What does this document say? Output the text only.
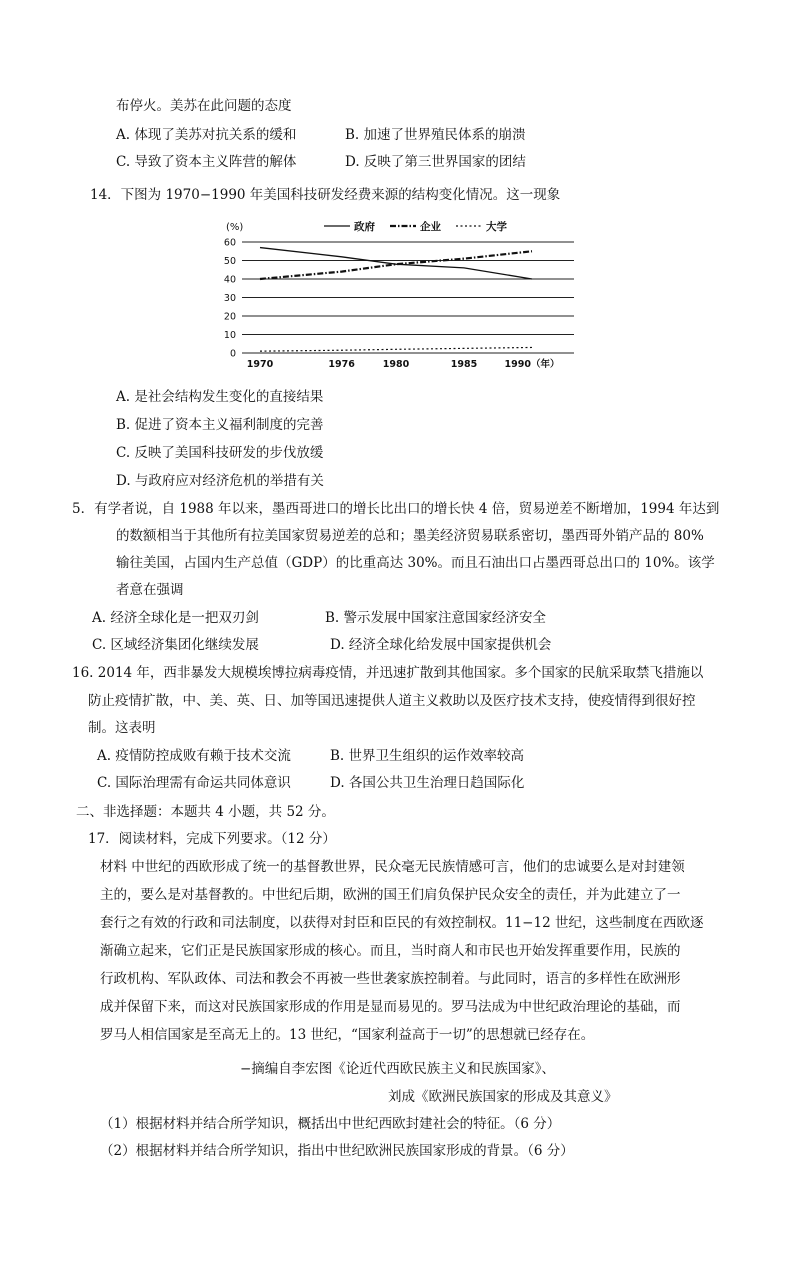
布停火。美苏在此问题的态度
A. 体现了美苏对抗关系的缓和	B. 加速了世界殖民体系的崩溃
C. 导致了资本主义阵营的解体	D. 反映了第三世界国家的团结
14．下图为 1970−1990 年美国科技研发经费来源的结构变化情况。这一现象
60
50
40
30
20
10
0
1970	1976	1980	1985	1990（年）
政府	企业	大学
(%)
A. 是社会结构发生变化的直接结果
B. 促进了资本主义福利制度的完善
C. 反映了美国科技研发的步伐放缓
D. 与政府应对经济危机的举措有关
5．有学者说，自 1988 年以来，墨西哥进口的增长比出口的增长快 4 倍，贸易逆差不断增加，1994 年达到
的数额相当于其他所有拉美国家贸易逆差的总和；墨美经济贸易联系密切，墨西哥外销产品的 80%
输往美国，占国内生产总值（GDP）的比重高达 30%。而且石油出口占墨西哥总出口的 10%。该学
者意在强调
A. 经济全球化是一把双刃剑	B. 警示发展中国家注意国家经济安全
C. 区域经济集团化继续发展	D. 经济全球化给发展中国家提供机会
16. 2014 年，西非暴发大规模埃博拉病毒疫情，并迅速扩散到其他国家。多个国家的民航采取禁飞措施以
防止疫情扩散，中、美、英、日、加等国迅速提供人道主义救助以及医疗技术支持，使疫情得到很好控
制。这表明
A. 疫情防控成败有赖于技术交流	B. 世界卫生组织的运作效率较高
C. 国际治理需有命运共同体意识	D. 各国公共卫生治理日趋国际化
二、非选择题：本题共 4 小题，共 52 分。
17．阅读材料，完成下列要求。（12 分）
材料 中世纪的西欧形成了统一的基督教世界，民众毫无民族情感可言，他们的忠诚要么是对封建领
主的，要么是对基督教的。中世纪后期，欧洲的国王们肩负保护民众安全的责任，并为此建立了一
套行之有效的行政和司法制度，以获得对封臣和臣民的有效控制权。11−12 世纪，这些制度在西欧逐
渐确立起来，它们正是民族国家形成的核心。而且，当时商人和市民也开始发挥重要作用，民族的
行政机构、军队政体、司法和教会不再被一些世袭家族控制着。与此同时，语言的多样性在欧洲形
成并保留下来，而这对民族国家形成的作用是显而易见的。罗马法成为中世纪政治理论的基础，而
罗马人相信国家是至高无上的。13 世纪，“国家利益高于一切”的思想就已经存在。
−摘编自李宏图《论近代西欧民族主义和民族国家》、
刘成《欧洲民族国家的形成及其意义》
（1）根据材料并结合所学知识，概括出中世纪西欧封建社会的特征。（6 分）
（2）根据材料并结合所学知识，指出中世纪欧洲民族国家形成的背景。（6 分）
